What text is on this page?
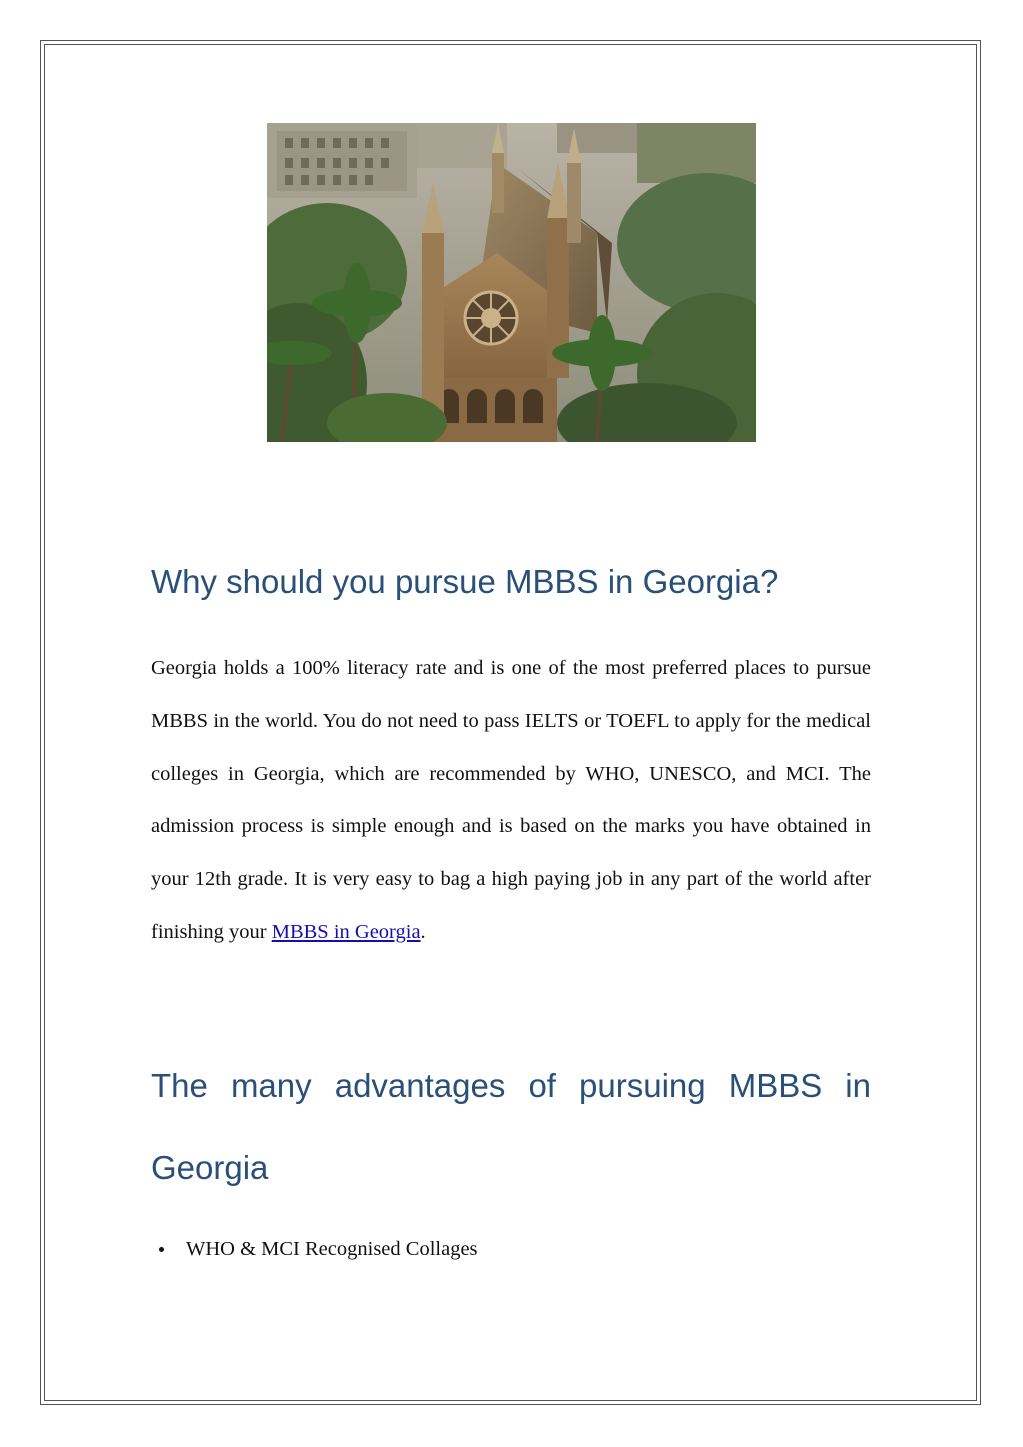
Why should you pursue MBBS in Georgia?

Georgia holds a 100% literacy rate and is one of the most preferred places to pursue MBBS in the world. You do not need to pass IELTS or TOEFL to apply for the medical colleges in Georgia, which are recommended by WHO, UNESCO, and MCI. The admission process is simple enough and is based on the marks you have obtained in your 12th grade. It is very easy to bag a high paying job in any part of the world after finishing your MBBS in Georgia.

The many advantages of pursuing MBBS in Georgia
WHO & MCI Recognised Collages
